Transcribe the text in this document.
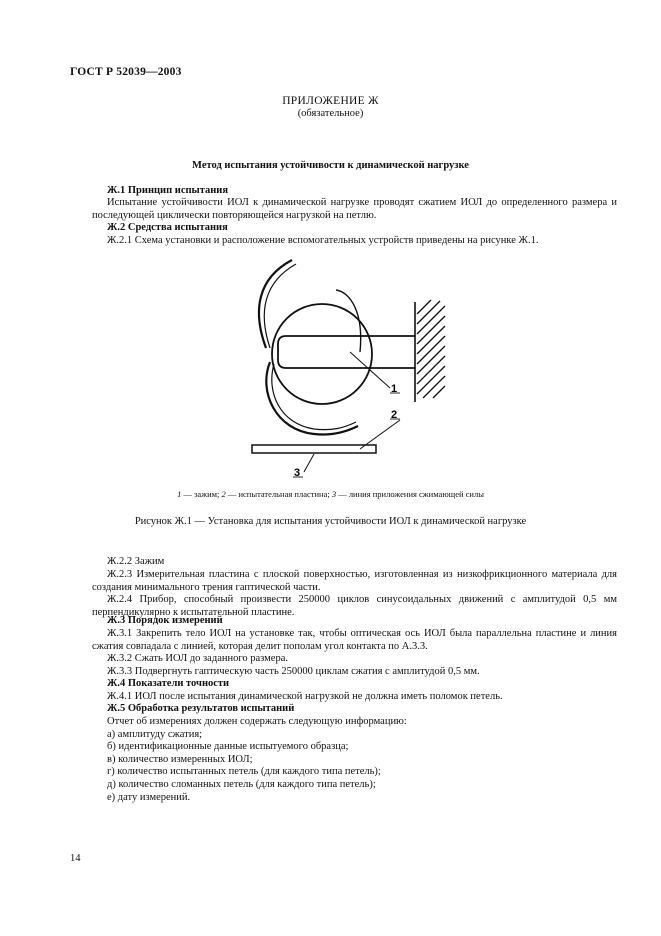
ГОСТ Р 52039—2003
ПРИЛОЖЕНИЕ Ж
(обязательное)
Метод испытания устойчивости к динамической нагрузке

Ж.1 Принцип испытания

Испытание устойчивости ИОЛ к динамической нагрузке проводят сжатием ИОЛ до определенного размера и последующей циклически повторяющейся нагрузкой на петлю.

Ж.2 Средства испытания

Ж.2.1 Схема установки и расположение вспомогательных устройств приведены на рисунке Ж.1.

1
2
3
1 — зажим; 2 — испытательная пластина; 3 — линия приложения сжимающей силы
Рисунок Ж.1 — Установка для испытания устойчивости ИОЛ к динамической нагрузке

Ж.2.2 Зажим

Ж.2.3 Измерительная пластина с плоской поверхностью, изготовленная из низкофрикционного материала для создания минимального трения гаптической части.

Ж.2.4 Прибор, способный произвести 250000 циклов синусоидальных движений с амплитудой 0,5 мм перпендикулярно к испытательной пластине.

Ж.3 Порядок измерений

Ж.3.1 Закрепить тело ИОЛ на установке так, чтобы оптическая ось ИОЛ была параллельна пластине и линия сжатия совпадала с линией, которая делит пополам угол контакта по А.3.3.

Ж.3.2 Сжать ИОЛ до заданного размера.

Ж.3.3 Подвергнуть гаптическую часть 250000 циклам сжатия с амплитудой 0,5 мм.

Ж.4 Показатели точности

Ж.4.1 ИОЛ после испытания динамической нагрузкой не должна иметь поломок петель.

Ж.5 Обработка результатов испытаний

Отчет об измерениях должен содержать следующую информацию:

а) амплитуду сжатия;

б) идентификационные данные испытуемого образца;

в) количество измеренных ИОЛ;

г) количество испытанных петель (для каждого типа петель);

д) количество сломанных петель (для каждого типа петель);

е) дату измерений.

14
